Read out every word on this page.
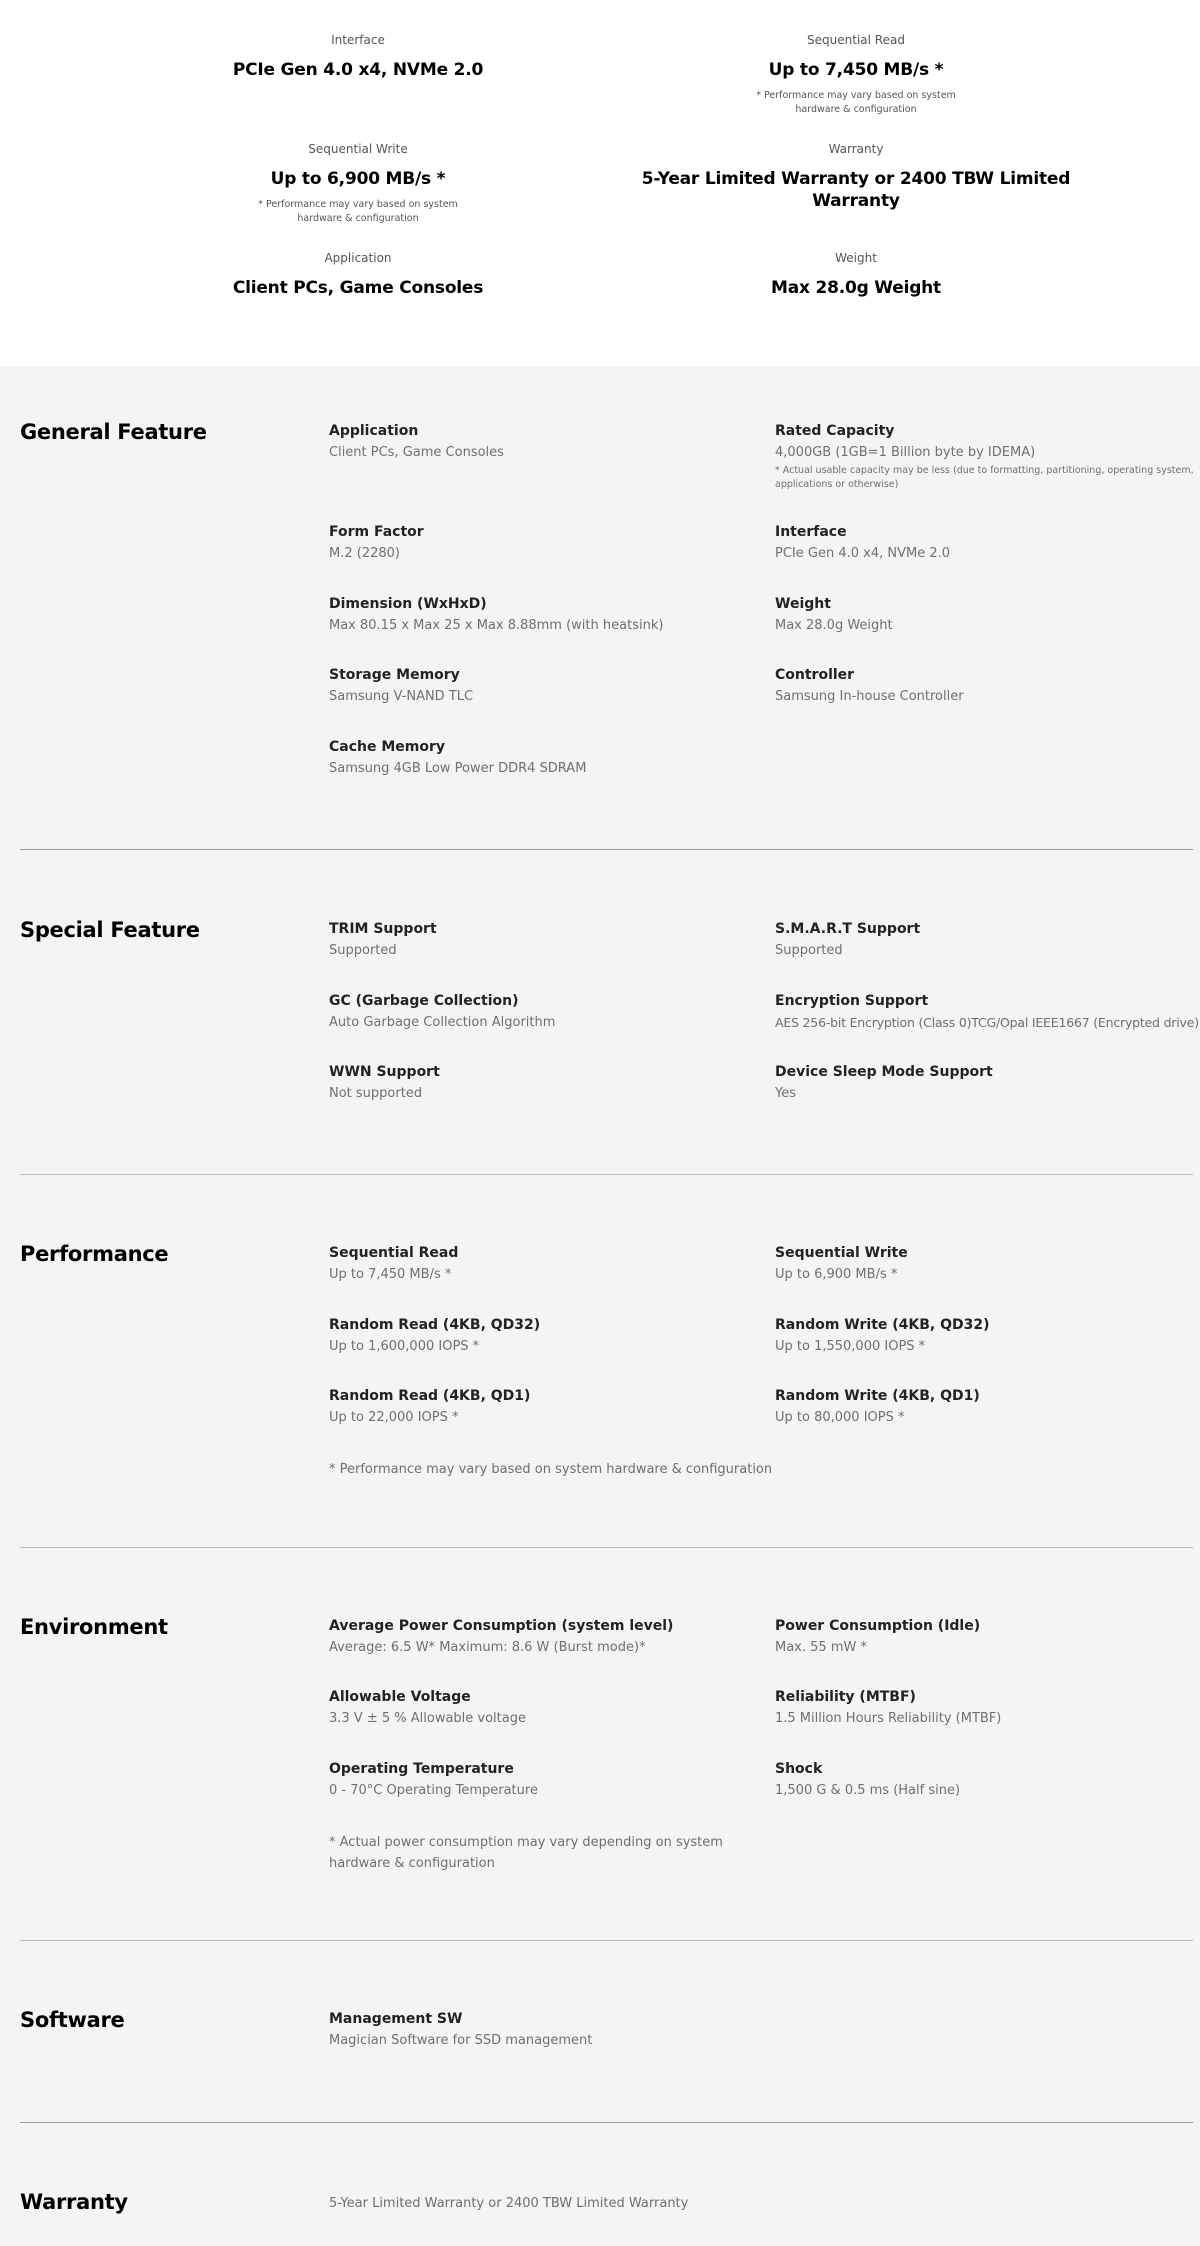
Interface
PCIe Gen 4.0 x4, NVMe 2.0
Sequential Read
Up to 7,450 MB/s *
* Performance may vary based on system hardware & configuration
Sequential Write
Up to 6,900 MB/s *
* Performance may vary based on system hardware & configuration
Warranty
5-Year Limited Warranty or 2400 TBW Limited Warranty
Application
Client PCs, Game Consoles
Weight
Max 28.0g Weight
General Feature	Application
Client PCs, Game Consoles
Rated Capacity
4,000GB (1GB=1 Billion byte by IDEMA)
* Actual usable capacity may be less (due to formatting, partitioning, operating system, applications or otherwise)
Form Factor
M.2 (2280)
Interface
PCIe Gen 4.0 x4, NVMe 2.0
Dimension (WxHxD)
Max 80.15 x Max 25 x Max 8.88mm (with heatsink)
Weight
Max 28.0g Weight
Storage Memory
Samsung V-NAND TLC
Controller
Samsung In-house Controller
Cache Memory
Samsung 4GB Low Power DDR4 SDRAM
Special Feature	TRIM Support
Supported
S.M.A.R.T Support
Supported
GC (Garbage Collection)
Auto Garbage Collection Algorithm
Encryption Support
AES 256-bit Encryption (Class 0)TCG/Opal IEEE1667 (Encrypted drive)
WWN Support
Not supported
Device Sleep Mode Support
Yes
Performance	Sequential Read
Up to 7,450 MB/s *
Sequential Write
Up to 6,900 MB/s *
Random Read (4KB, QD32)
Up to 1,600,000 IOPS *
Random Write (4KB, QD32)
Up to 1,550,000 IOPS *
Random Read (4KB, QD1)
Up to 22,000 IOPS *
Random Write (4KB, QD1)
Up to 80,000 IOPS *
* Performance may vary based on system hardware & configuration
Environment	Average Power Consumption (system level)
Average: 6.5 W* Maximum: 8.6 W (Burst mode)*
Power Consumption (Idle)
Max. 55 mW *
Allowable Voltage
3.3 V ± 5 % Allowable voltage
Reliability (MTBF)
1.5 Million Hours Reliability (MTBF)
Operating Temperature
0 - 70°C Operating Temperature
Shock
1,500 G & 0.5 ms (Half sine)
* Actual power consumption may vary depending on system hardware & configuration
Software	Management SW
Magician Software for SSD management
Warranty	5-Year Limited Warranty or 2400 TBW Limited Warranty
